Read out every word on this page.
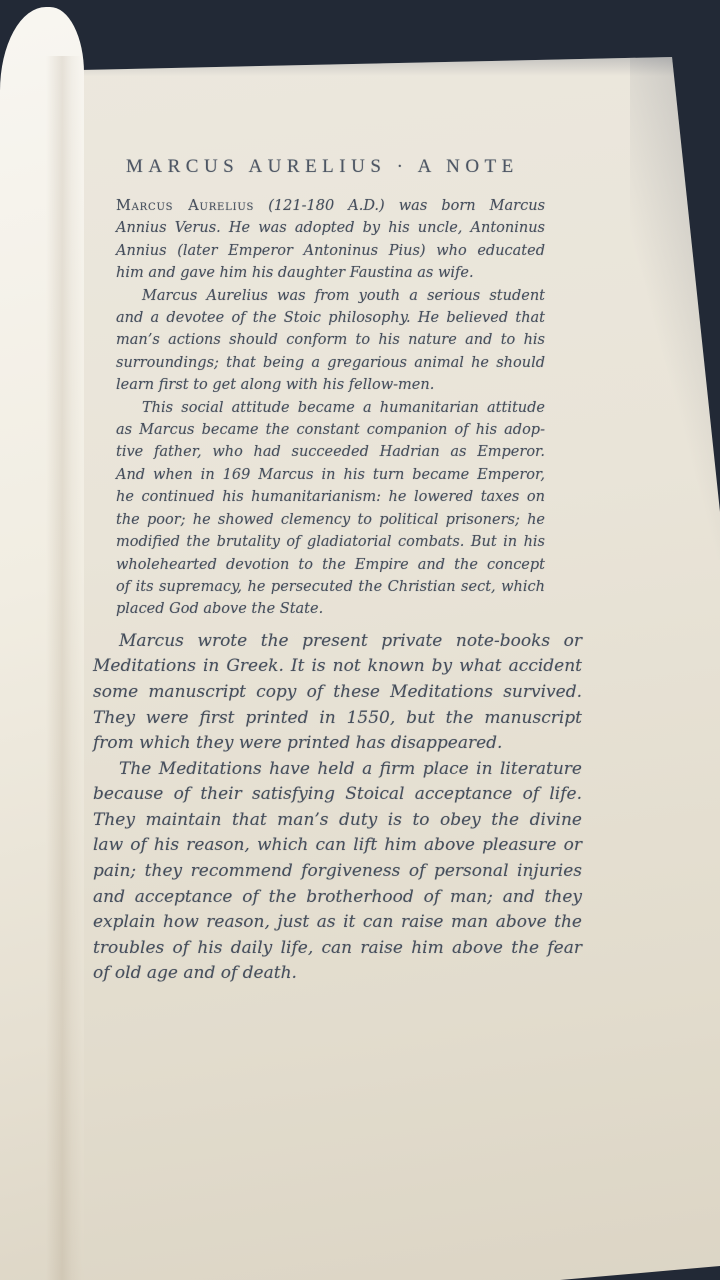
MARCUS AURELIUS · A NOTE
Marcus Aurelius (121-180 A.D.) was born Marcus
Annius Verus. He was adopted by his uncle, Antoninus
Annius (later Emperor Antoninus Pius) who educated
him and gave him his daughter Faustina as wife.
Marcus Aurelius was from youth a serious student
and a devotee of the Stoic philosophy. He believed that
man’s actions should conform to his nature and to his
surroundings; that being a gregarious animal he should
learn first to get along with his fellow-men.
This social attitude became a humanitarian attitude
as Marcus became the constant companion of his adop-
tive father, who had succeeded Hadrian as Emperor.
And when in 169 Marcus in his turn became Emperor,
he continued his humanitarianism: he lowered taxes on
the poor; he showed clemency to political prisoners; he
modified the brutality of gladiatorial combats. But in his
wholehearted devotion to the Empire and the concept
of its supremacy, he persecuted the Christian sect, which
placed God above the State.
Marcus wrote the present private note-books or
Meditations in Greek. It is not known by what accident
some manuscript copy of these Meditations survived.
They were first printed in 1550, but the manuscript
from which they were printed has disappeared.
The Meditations have held a firm place in literature
because of their satisfying Stoical acceptance of life.
They maintain that man’s duty is to obey the divine
law of his reason, which can lift him above pleasure or
pain; they recommend forgiveness of personal injuries
and acceptance of the brotherhood of man; and they
explain how reason, just as it can raise man above the
troubles of his daily life, can raise him above the fear
of old age and of death.
